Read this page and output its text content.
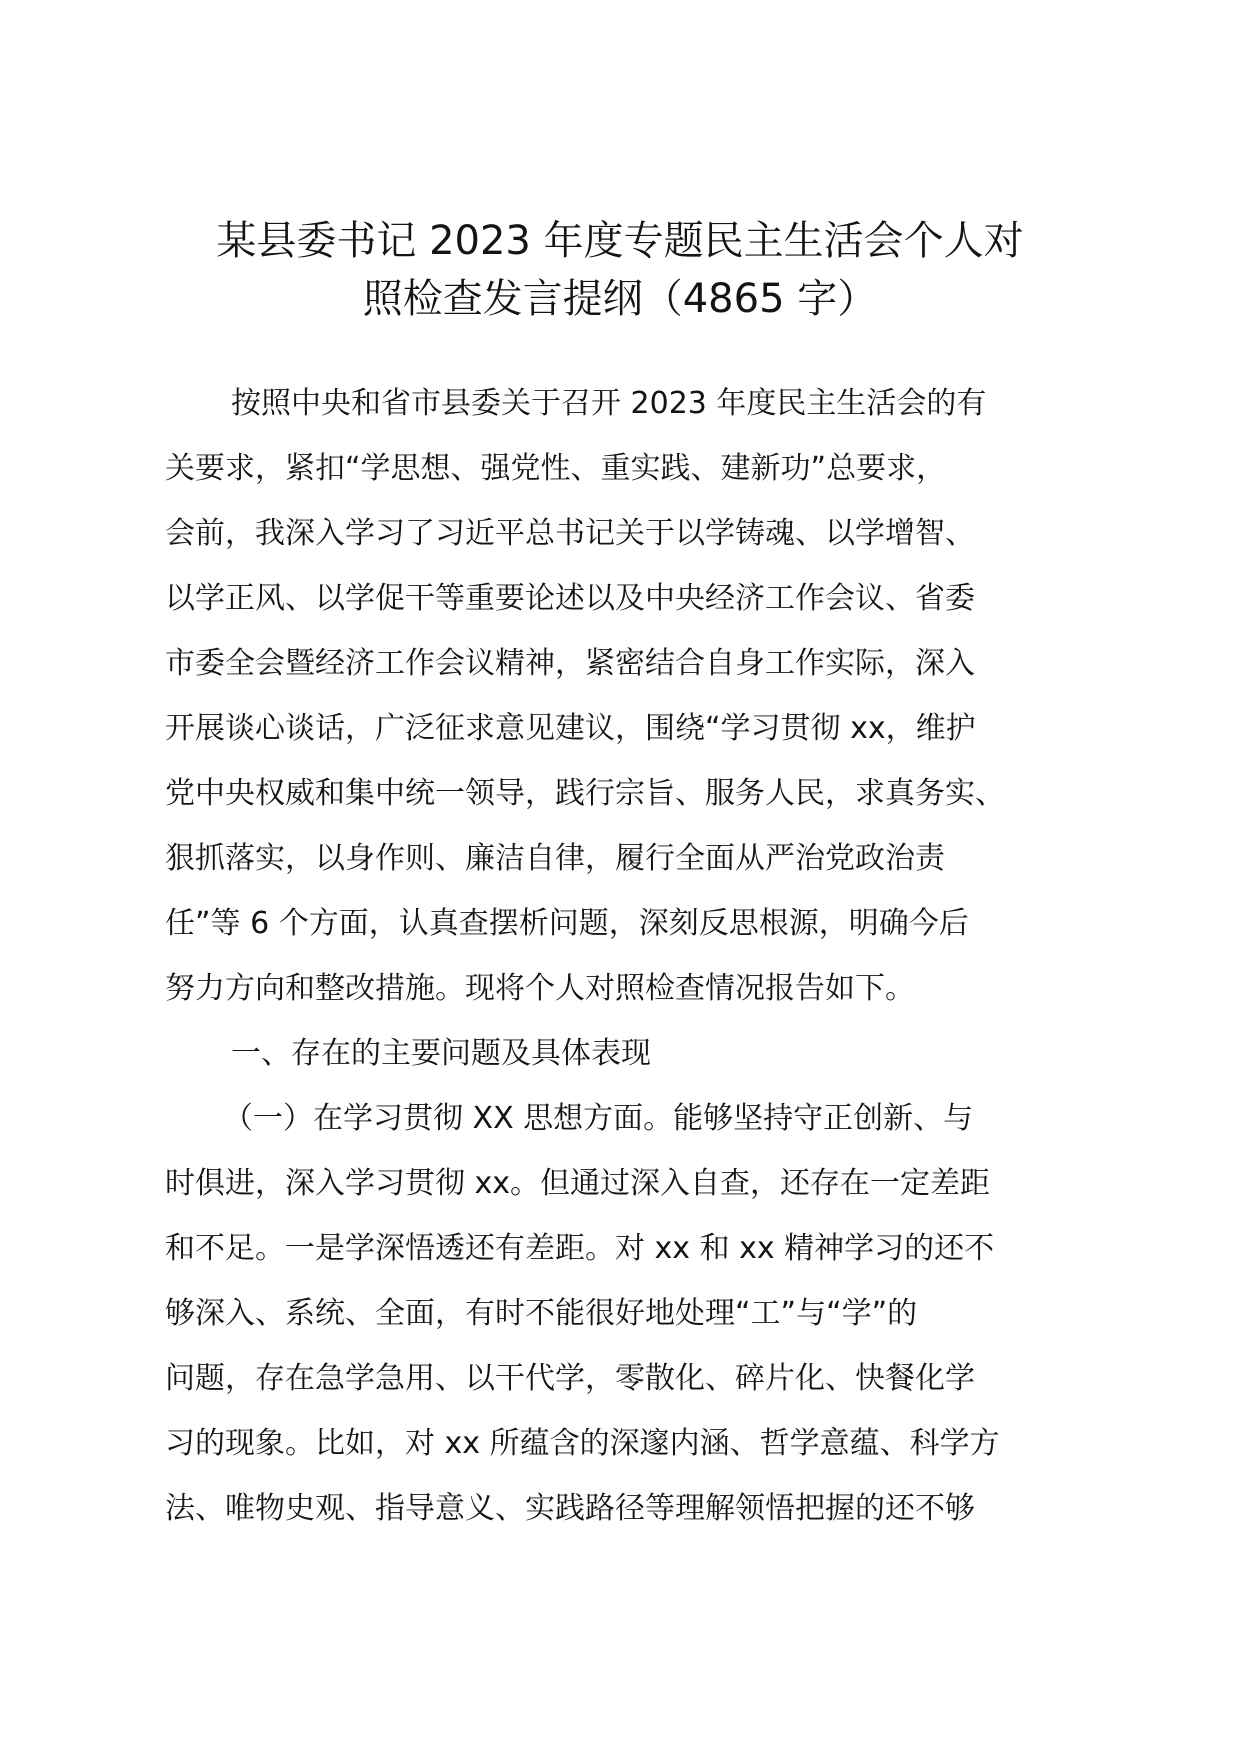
某县委书记 2023 年度专题民主生活会个人对
照检查发言提纲（4865 字）
按照中央和省市县委关于召开 2023 年度民主生活会的有
关要求，紧扣“学思想、强党性、重实践、建新功”总要求，
会前，我深入学习了习近平总书记关于以学铸魂、以学增智、
以学正风、以学促干等重要论述以及中央经济工作会议、省委
市委全会暨经济工作会议精神，紧密结合自身工作实际，深入
开展谈心谈话，广泛征求意见建议，围绕“学习贯彻 xx，维护
党中央权威和集中统一领导，践行宗旨、服务人民，求真务实、
狠抓落实，以身作则、廉洁自律，履行全面从严治党政治责
任”等 6 个方面，认真查摆析问题，深刻反思根源，明确今后
努力方向和整改措施。现将个人对照检查情况报告如下。
一、存在的主要问题及具体表现
（一）在学习贯彻 XX 思想方面。能够坚持守正创新、与
时俱进，深入学习贯彻 xx。但通过深入自查，还存在一定差距
和不足。一是学深悟透还有差距。对 xx 和 xx 精神学习的还不
够深入、系统、全面，有时不能很好地处理“工”与“学”的
问题，存在急学急用、以干代学，零散化、碎片化、快餐化学
习的现象。比如，对 xx 所蕴含的深邃内涵、哲学意蕴、科学方
法、唯物史观、指导意义、实践路径等理解领悟把握的还不够
